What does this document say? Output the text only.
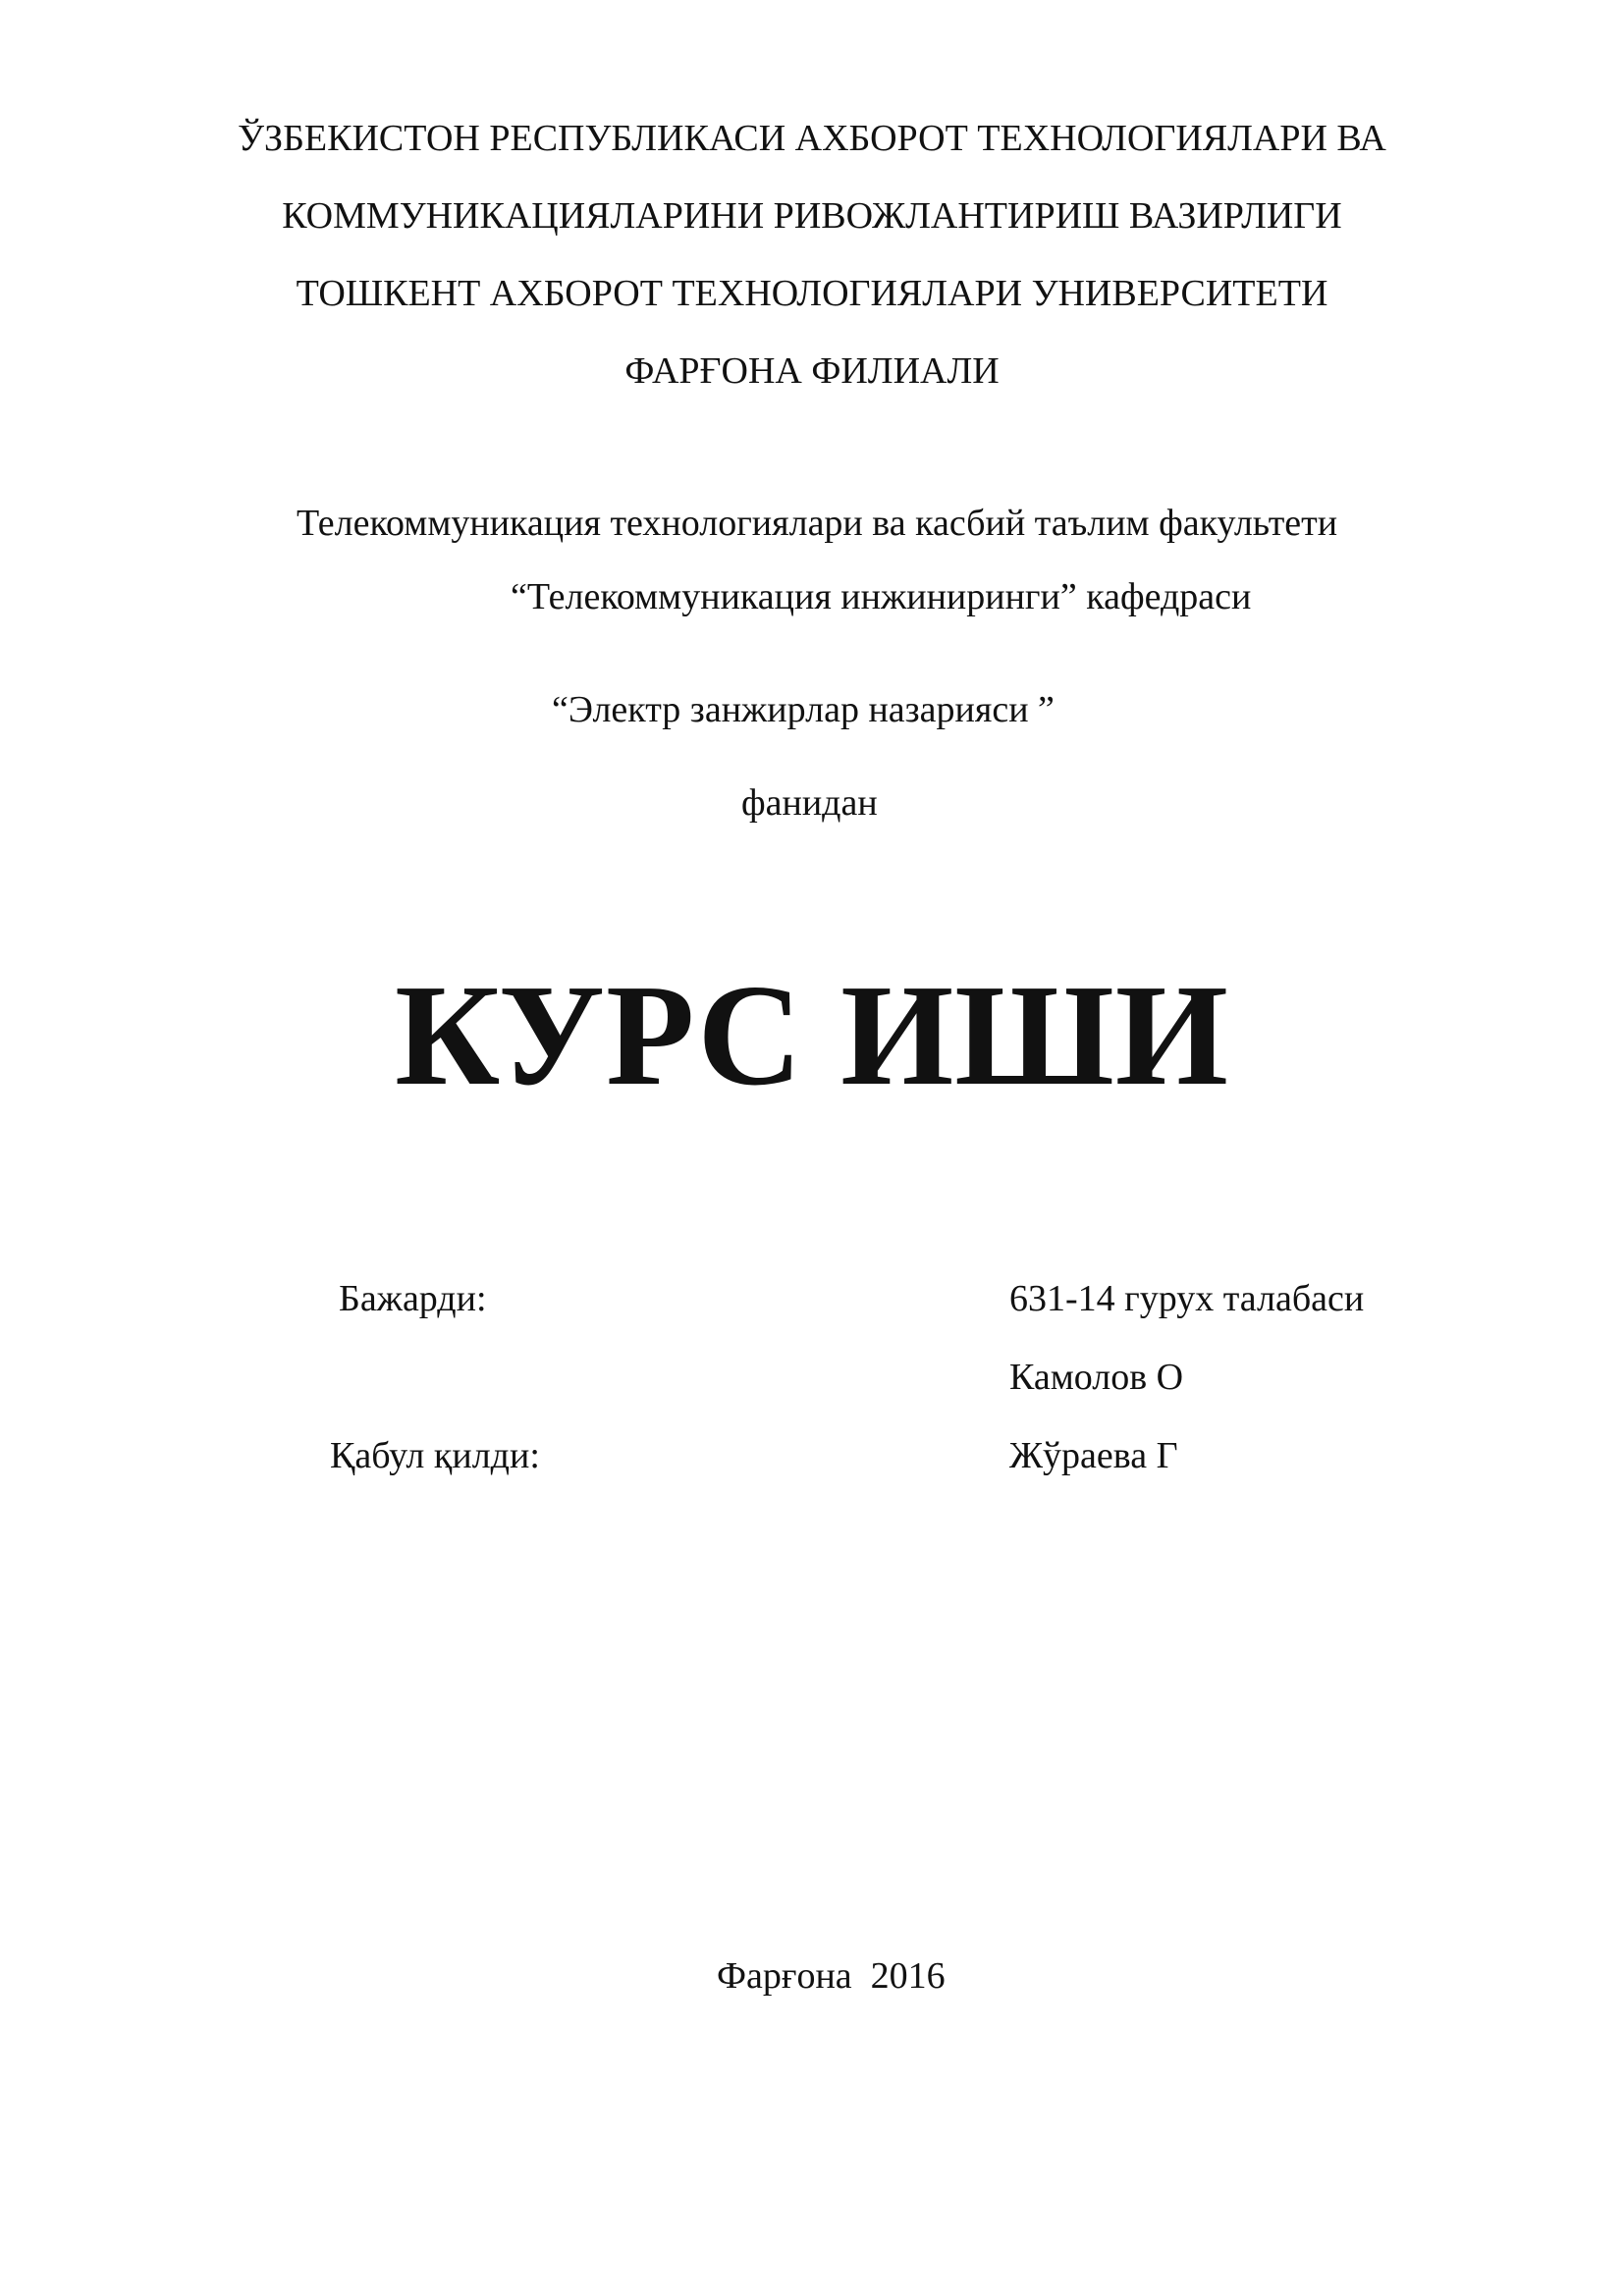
ЎЗБЕКИСТОН РЕСПУБЛИКАСИ АХБОРОТ ТЕХНОЛОГИЯЛАРИ ВА
КОММУНИКАЦИЯЛАРИНИ РИВОЖЛАНТИРИШ ВАЗИРЛИГИ
ТОШКЕНТ АХБОРОТ ТЕХНОЛОГИЯЛАРИ УНИВЕРСИТЕТИ
ФАРҒОНА ФИЛИАЛИ
Телекоммуникация технологиялари ва касбий таълим факультети
“Телекоммуникация инжиниринги” кафедраси
“Электр занжирлар назарияси ”
фанидан
КУРС ИШИ
Бажарди:	631-14 гурух талабаси
Камолов О
Қабул қилди:	Жўраева Г
Фарғона  2016
